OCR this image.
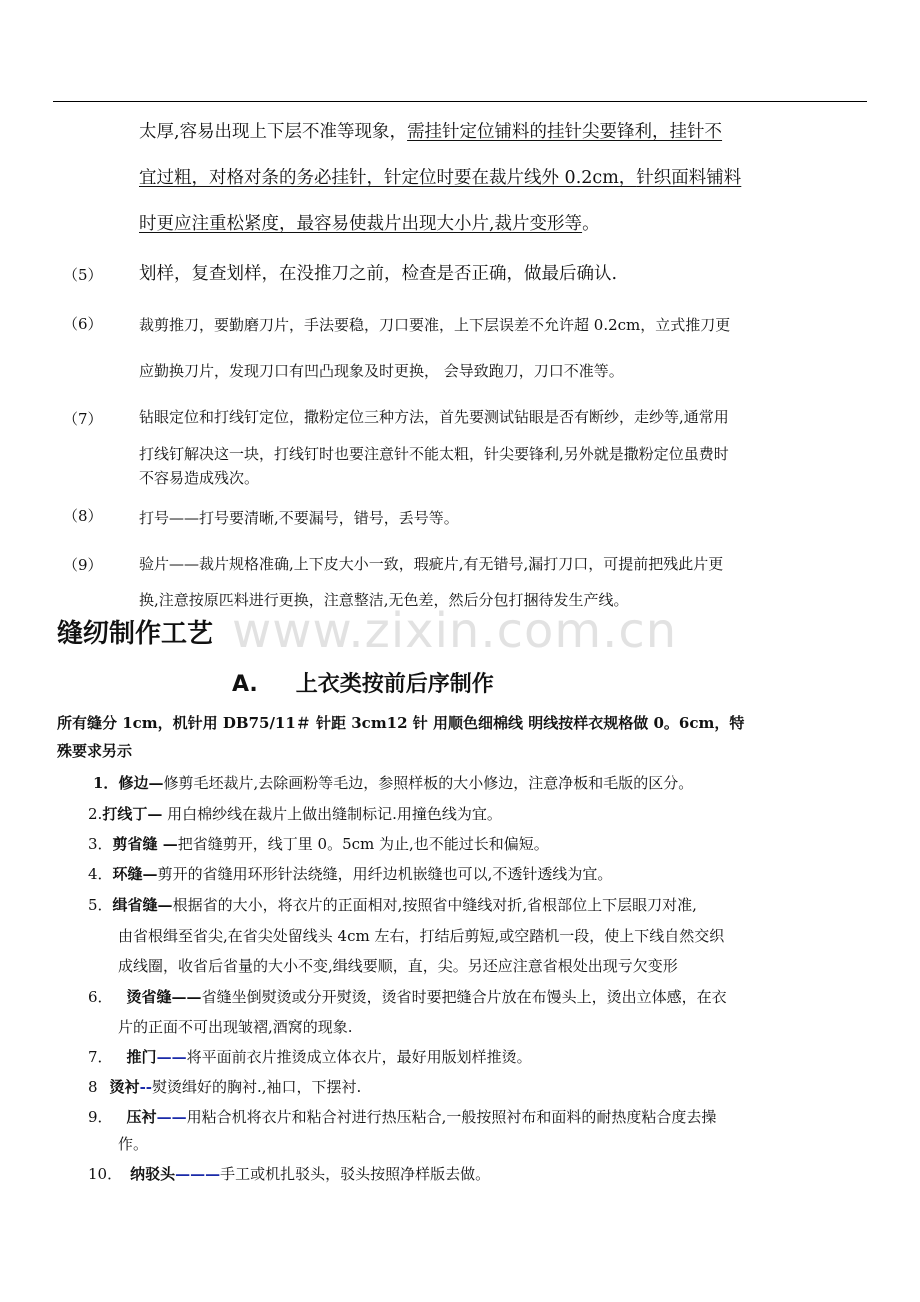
太厚,容易出现上下层不准等现象，需挂针定位铺料的挂针尖要锋利，挂针不

宜过粗，对格对条的务必挂针，针定位时要在裁片线外 0.2cm，针织面料铺料

时更应注重松紧度，最容易使裁片出现大小片,裁片变形等。

（5） 划样，复查划样，在没推刀之前，检查是否正确，做最后确认.

（6） 裁剪推刀，要勤磨刀片，手法要稳，刀口要准，上下层误差不允许超 0.2cm，立式推刀更

应勤换刀片，发现刀口有凹凸现象及时更换， 会导致跑刀，刀口不准等。

（7） 钻眼定位和打线钉定位，撒粉定位三种方法，首先要测试钻眼是否有断纱，走纱等,通常用

打线钉解决这一块，打线钉时也要注意针不能太粗，针尖要锋利,另外就是撒粉定位虽费时

不容易造成残次。

（8） 打号——打号要清晰,不要漏号，错号，丢号等。

（9） 验片——裁片规格准确,上下皮大小一致，瑕疵片,有无错号,漏打刀口，可提前把残此片更

换,注意按原匹料进行更换，注意整洁,无色差，然后分包打捆待发生产线。

www.zixin.com.cn
缝纫制作工艺
A. 上衣类按前后序制作

所有缝分 1cm，机针用 DB75/11＃ 针距 3cm12 针 用顺色细棉线 明线按样衣规格做 0。6cm，特

殊要求另示

1．修边—修剪毛坯裁片,去除画粉等毛边，参照样板的大小修边，注意净板和毛版的区分。
2.打线丁— 用白棉纱线在裁片上做出缝制标记.用撞色线为宜。
3．剪省缝 —把省缝剪开，线丁里 0。5cm 为止,也不能过长和偏短。
4．环缝—剪开的省缝用环形针法绕缝，用纤边机嵌缝也可以,不透针透线为宜。
5．缉省缝—根据省的大小，将衣片的正面相对,按照省中缝线对折,省根部位上下层眼刀对准,
由省根缉至省尖,在省尖处留线头 4cm 左右，打结后剪短,或空踏机一段，使上下线自然交织
成线圈，收省后省量的大小不变,缉线要顺，直，尖。另还应注意省根处出现亏欠变形
6． 烫省缝——省缝坐倒熨烫或分开熨烫，烫省时要把缝合片放在布馒头上，烫出立体感，在衣
片的正面不可出现皱褶,酒窝的现象.
7． 推门——将平面前衣片推烫成立体衣片，最好用版划样推烫。
8 烫衬--熨烫缉好的胸衬.,袖口，下摆衬.
9． 压衬——用粘合机将衣片和粘合衬进行热压粘合,一般按照衬布和面料的耐热度粘合度去操
作。
10． 纳驳头———手工或机扎驳头，驳头按照净样版去做。
